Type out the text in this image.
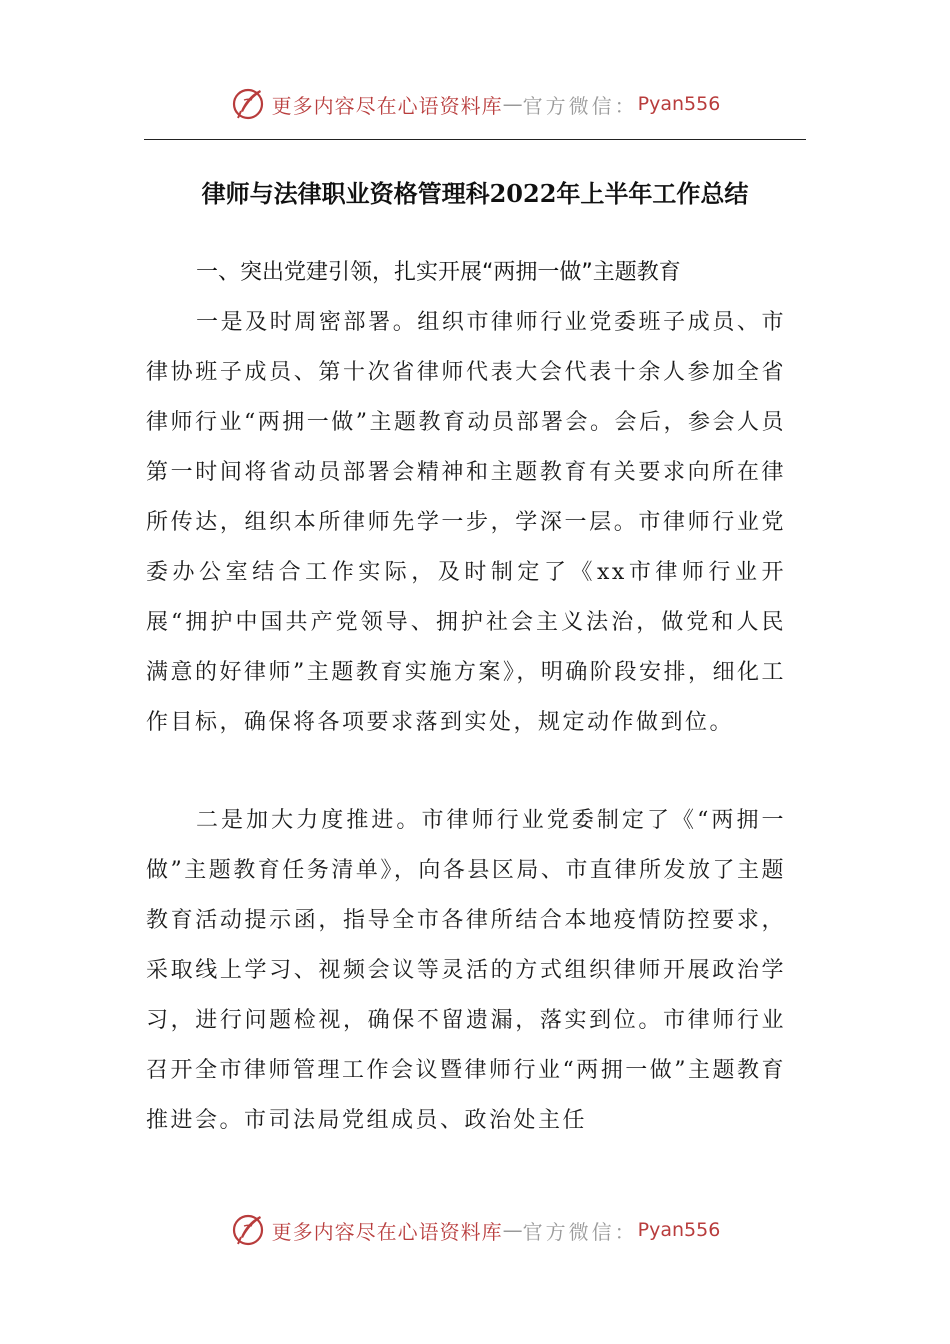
更多内容尽在心语资料库 — 官方微信： Pyan556
律师与法律职业资格管理科2022年上半年工作总结
一、突出党建引领，扎实开展“两拥一做”主题教育

一是及时周密部署。组织市律师行业党委班子成员、市律协班子成员、第十次省律师代表大会代表十余人参加全省律师行业“两拥一做”主题教育动员部署会。会后，参会人员第一时间将省动员部署会精神和主题教育有关要求向所在律所传达，组织本所律师先学一步，学深一层。市律师行业党委办公室结合工作实际，及时制定了《xx市律师行业开展“拥护中国共产党领导、拥护社会主义法治，做党和人民满意的好律师”主题教育实施方案》，明确阶段安排，细化工作目标，确保将各项要求落到实处，规定动作做到位。

二是加大力度推进。市律师行业党委制定了《“两拥一做”主题教育任务清单》，向各县区局、市直律所发放了主题教育活动提示函，指导全市各律所结合本地疫情防控要求，采取线上学习、视频会议等灵活的方式组织律师开展政治学习，进行问题检视，确保不留遗漏，落实到位。市律师行业召开全市律师管理工作会议暨律师行业“两拥一做”主题教育推进会。市司法局党组成员、政治处主任

更多内容尽在心语资料库 — 官方微信： Pyan556
